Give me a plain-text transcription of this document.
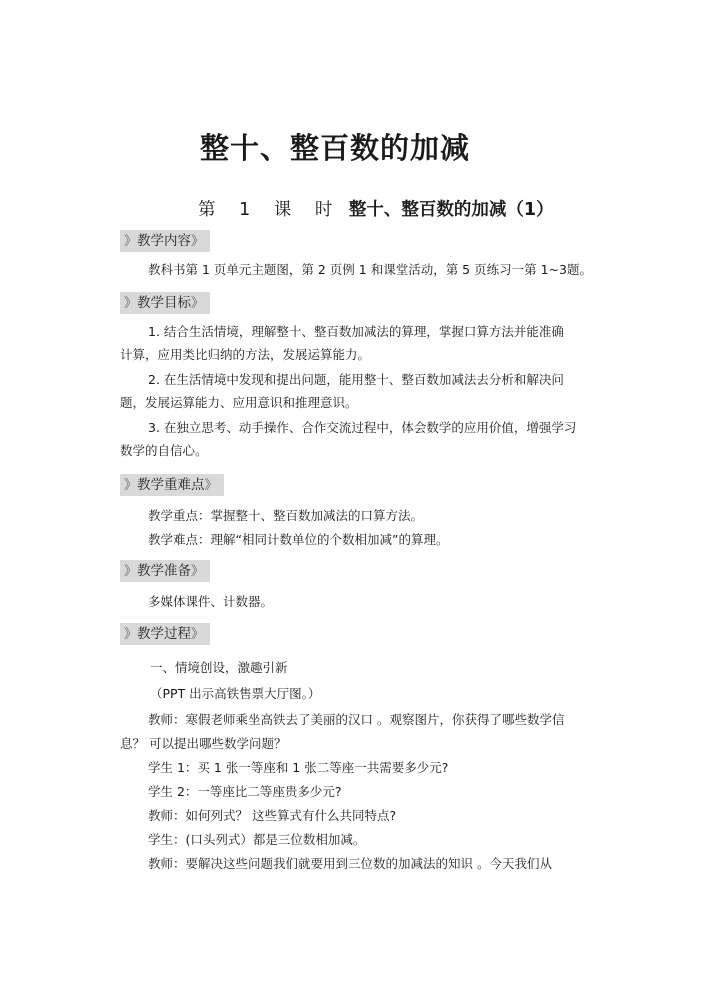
整十、整百数的加减
第 1 课 时 整十、整百数的加减（1）
》教学内容》
教科书第 1 页单元主题图，第 2 页例 1 和课堂活动，第 5 页练习一第 1~3题。
》教学目标》
1. 结合生活情境，理解整十、整百数加减法的算理，掌握口算方法并能准确
计算，应用类比归纳的方法，发展运算能力。
2. 在生活情境中发现和提出问题，能用整十、整百数加减法去分析和解决问
题，发展运算能力、应用意识和推理意识。
3. 在独立思考、动手操作、合作交流过程中，体会数学的应用价值，增强学习
数学的自信心。
》教学重难点》
教学重点：掌握整十、整百数加减法的口算方法。
教学难点：理解“相同计数单位的个数相加减”的算理。
》教学准备》
多媒体课件、计数器。
》教学过程》
一、情境创设，激趣引新
（PPT 出示高铁售票大厅图。）
教师：寒假老师乘坐高铁去了美丽的汉口 。观察图片，你获得了哪些数学信
息？ 可以提出哪些数学问题？
学生 1：买 1 张一等座和 1 张二等座一共需要多少元?
学生 2：一等座比二等座贵多少元?
教师：如何列式？ 这些算式有什么共同特点?
学生：(口头列式）都是三位数相加减。
教师：要解决这些问题我们就要用到三位数的加减法的知识 。今天我们从
